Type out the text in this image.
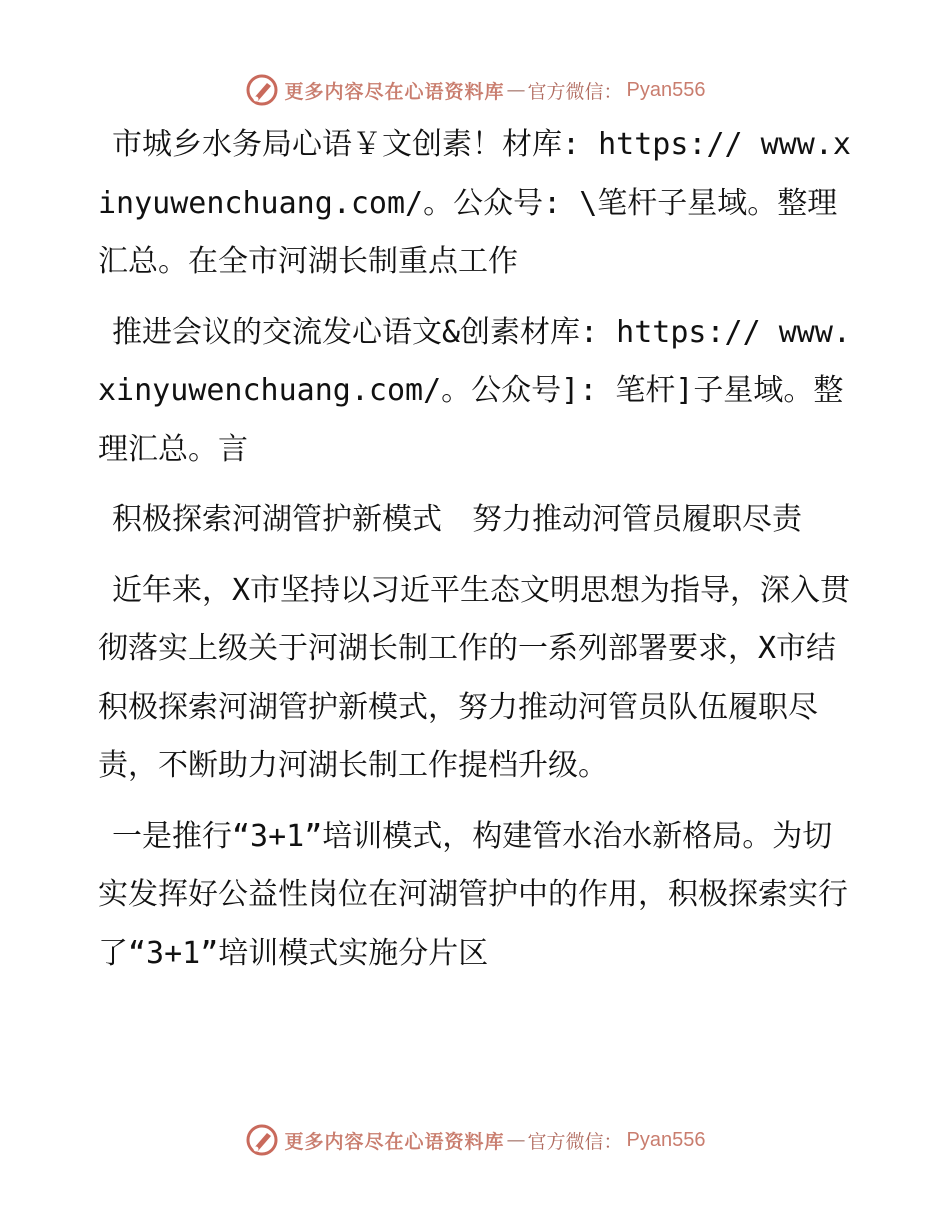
更多内容尽在心语资料库 — 官方微信： Pyan556

市城乡水务局心语￥文创素！材库: https:// www.xinyuwenchuang.com/。公众号: \笔杆子星域。整理汇总。在全市河湖长制重点工作

推进会议的交流发心语文&创素材库: https:// www.xinyuwenchuang.com/。公众号]: 笔杆]子星域。整理汇总。言

积极探索河湖管护新模式　努力推动河管员履职尽责

近年来，X市坚持以习近平生态文明思想为指导，深入贯彻落实上级关于河湖长制工作的一系列部署要求，X市结积极探索河湖管护新模式，努力推动河管员队伍履职尽责，不断助力河湖长制工作提档升级。

一是推行“3+1”培训模式，构建管水治水新格局。为切实发挥好公益性岗位在河湖管护中的作用，积极探索实行了“3+1”培训模式实施分片区

更多内容尽在心语资料库 — 官方微信： Pyan556
